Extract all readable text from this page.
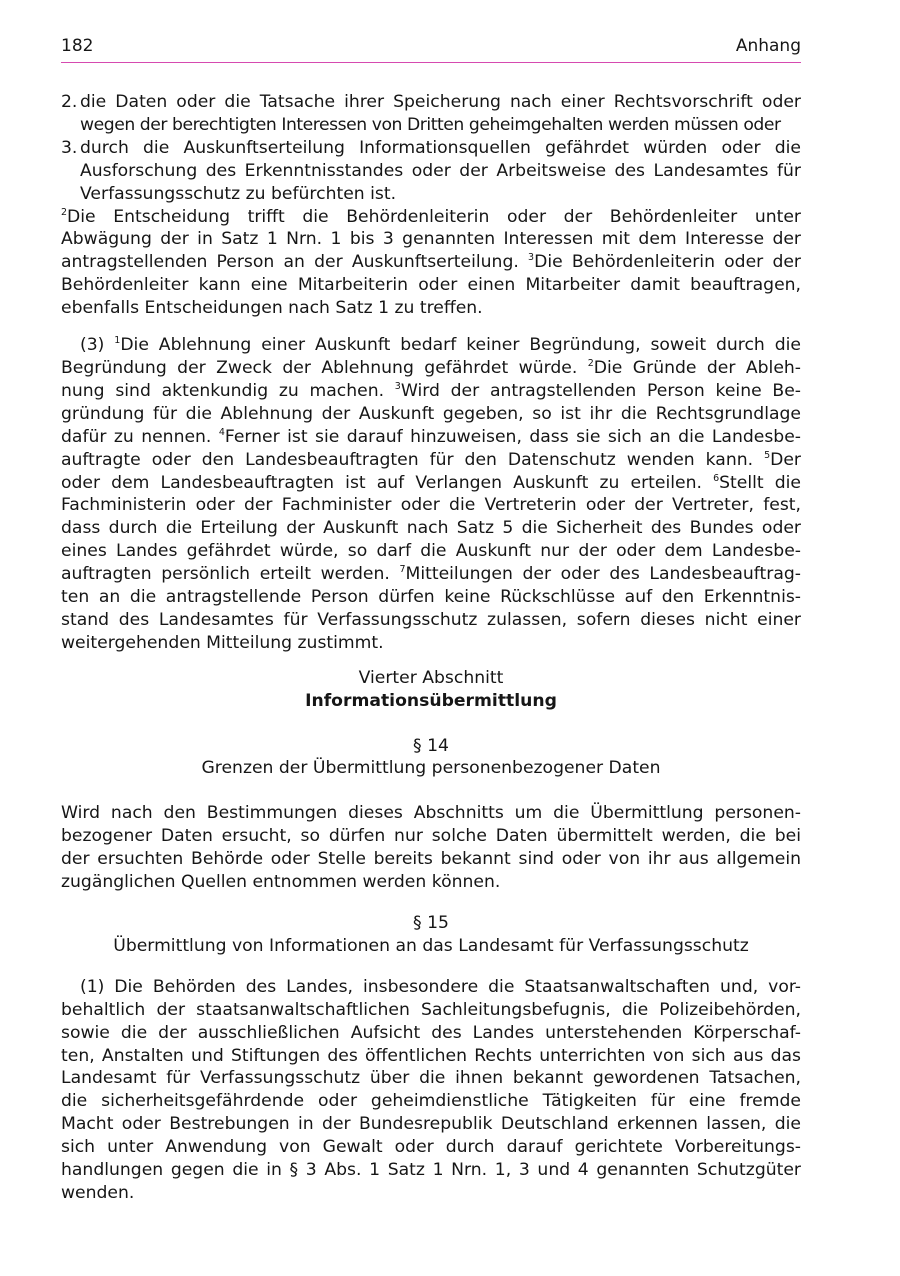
182	Anhang
2. die Daten oder die Tatsache ihrer Speicherung nach einer Rechtsvorschrift oder
wegen der berechtigten Interessen von Dritten geheimgehalten werden müssen oder
3. durch die Auskunftserteilung Informationsquellen gefährdet würden oder die
Ausforschung des Erkenntnisstandes oder der Arbeitsweise des Landesamtes für
Verfassungsschutz zu befürchten ist.

$^2$Die Entscheidung trifft die Behördenleiterin oder der Behördenleiter unter
Abwägung der in Satz 1 Nrn. 1 bis 3 genannten Interessen mit dem Interesse der
antragstellenden Person an der Auskunftserteilung. $^3$Die Behördenleiterin oder der
Behördenleiter kann eine Mitarbeiterin oder einen Mitarbeiter damit beauftragen,
ebenfalls Entscheidungen nach Satz 1 zu treffen.

(3) $^1$Die Ablehnung einer Auskunft bedarf keiner Begründung, soweit durch die
Begründung der Zweck der Ablehnung gefährdet würde. $^2$Die Gründe der Ableh-
nung sind aktenkundig zu machen. $^3$Wird der antragstellenden Person keine Be-
gründung für die Ablehnung der Auskunft gegeben, so ist ihr die Rechtsgrundlage
dafür zu nennen. $^4$Ferner ist sie darauf hinzuweisen, dass sie sich an die Landesbe-
auftragte oder den Landesbeauftragten für den Datenschutz wenden kann. $^5$Der
oder dem Landesbeauftragten ist auf Verlangen Auskunft zu erteilen. $^6$Stellt die
Fachministerin oder der Fachminister oder die Vertreterin oder der Vertreter, fest,
dass durch die Erteilung der Auskunft nach Satz 5 die Sicherheit des Bundes oder
eines Landes gefährdet würde, so darf die Auskunft nur der oder dem Landesbe-
auftragten persönlich erteilt werden. $^7$Mitteilungen der oder des Landesbeauftrag-
ten an die antragstellende Person dürfen keine Rückschlüsse auf den Erkenntnis-
stand des Landesamtes für Verfassungsschutz zulassen, sofern dieses nicht einer
weitergehenden Mitteilung zustimmt.

Vierter Abschnitt
Informationsübermittlung
§ 14
Grenzen der Übermittlung personenbezogener Daten

Wird nach den Bestimmungen dieses Abschnitts um die Übermittlung personen-
bezogener Daten ersucht, so dürfen nur solche Daten übermittelt werden, die bei
der ersuchten Behörde oder Stelle bereits bekannt sind oder von ihr aus allgemein
zugänglichen Quellen entnommen werden können.

§ 15
Übermittlung von Informationen an das Landesamt für Verfassungsschutz

(1) Die Behörden des Landes, insbesondere die Staatsanwaltschaften und, vor-
behaltlich der staatsanwaltschaftlichen Sachleitungsbefugnis, die Polizeibehörden,
sowie die der ausschließlichen Aufsicht des Landes unterstehenden Körperschaf-
ten, Anstalten und Stiftungen des öffentlichen Rechts unterrichten von sich aus das
Landesamt für Verfassungsschutz über die ihnen bekannt gewordenen Tatsachen,
die sicherheitsgefährdende oder geheimdienstliche Tätigkeiten für eine fremde
Macht oder Bestrebungen in der Bundesrepublik Deutschland erkennen lassen, die
sich unter Anwendung von Gewalt oder durch darauf gerichtete Vorbereitungs-
handlungen gegen die in § 3 Abs. 1 Satz 1 Nrn. 1, 3 und 4 genannten Schutzgüter
wenden.
